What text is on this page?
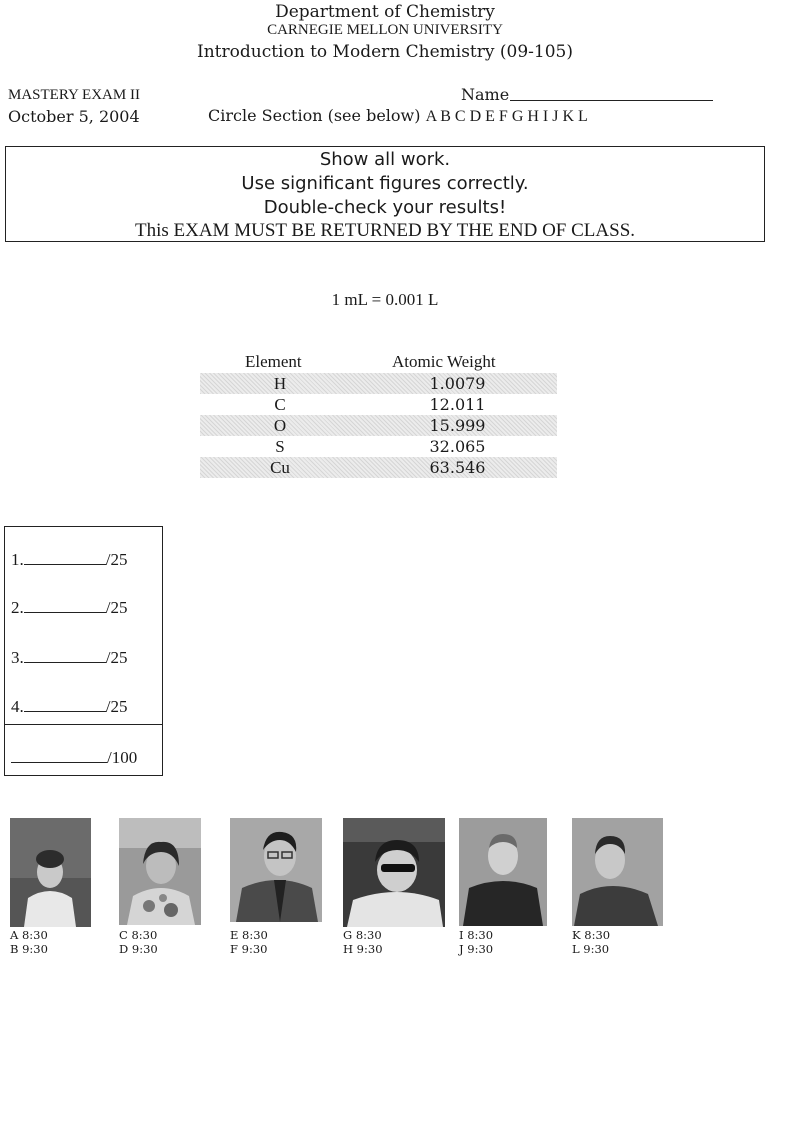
Department of Chemistry
CARNEGIE MELLON UNIVERSITY
Introduction to Modern Chemistry (09-105)
MASTERY EXAM II
October 5, 2004
Name
Circle Section (see below) A B C D E F G H I J K L
Show all work.
Use significant figures correctly.
Double-check your results!
This EXAM MUST BE RETURNED BY THE END OF CLASS.
1 mL = 0.001 L
Element	Atomic Weight
H	1.0079
C	12.011
O	15.999
S	32.065
Cu	63.546
1.	/25
2.	/25
3.	/25
4.	/25
/100
A 8:30
B 9:30
C 8:30
D 9:30
E 8:30
F 9:30
G 8:30
H 9:30
I 8:30
J 9:30
K 8:30
L 9:30
